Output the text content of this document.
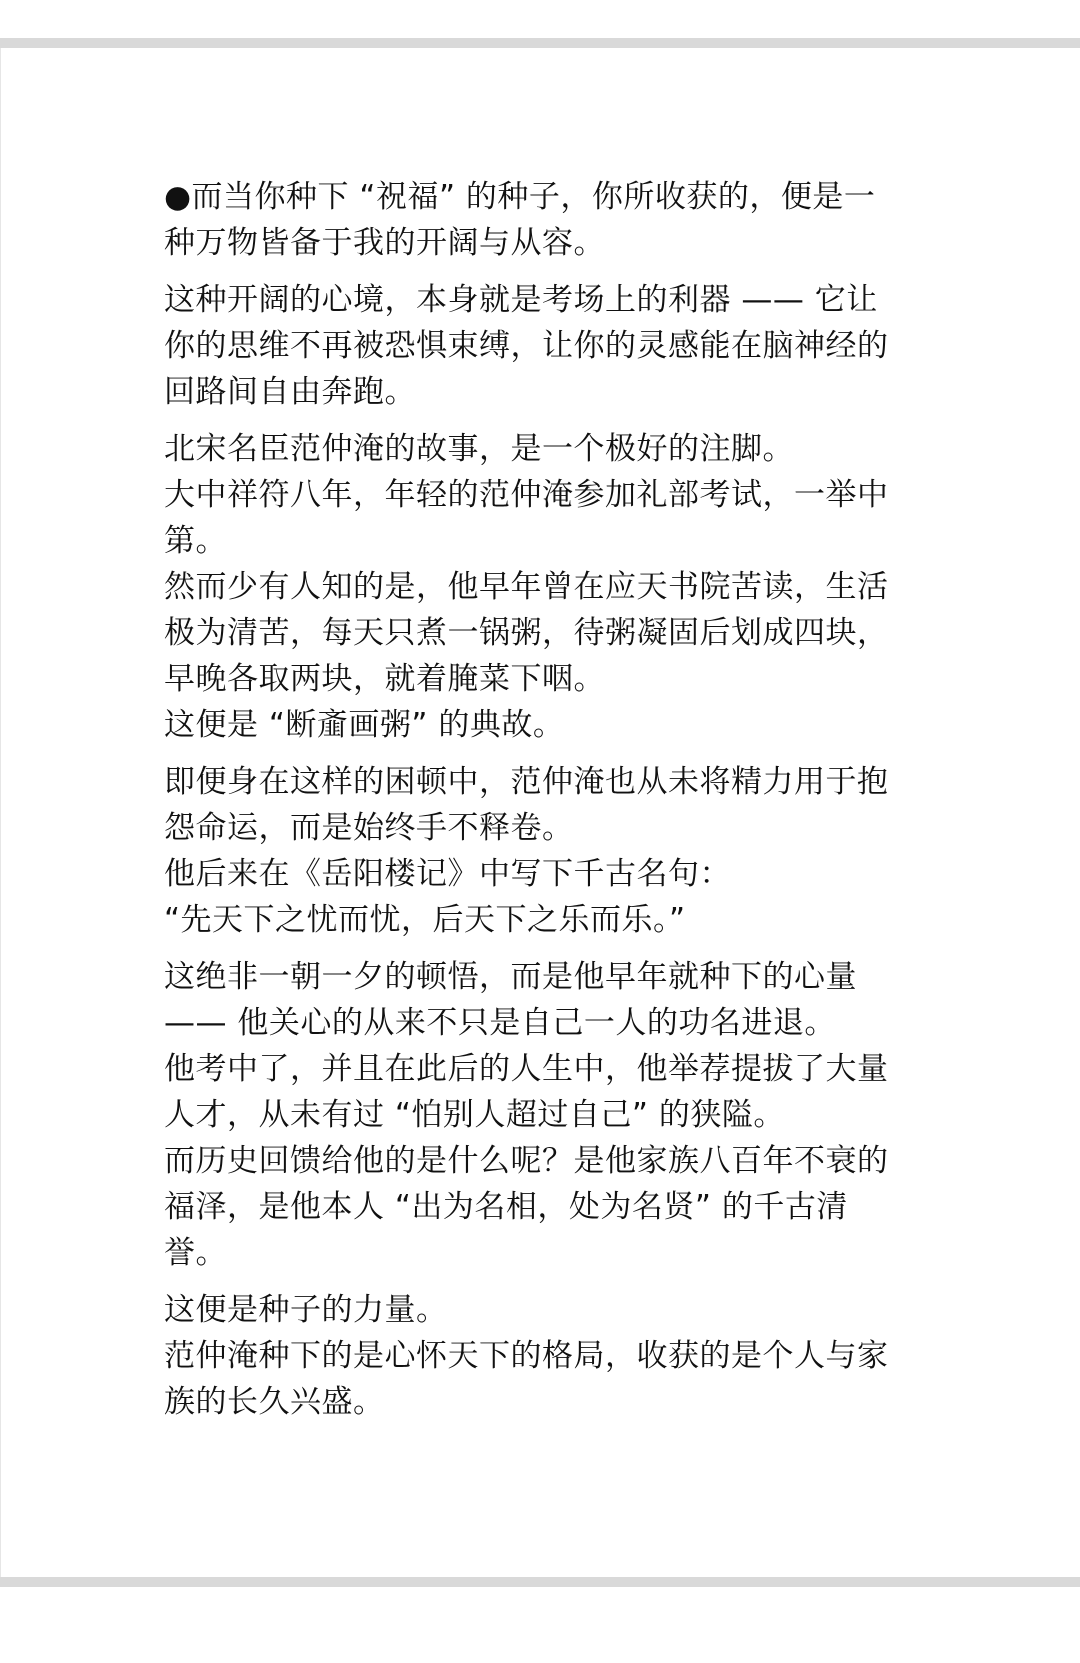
●而当你种下 “祝福” 的种子，你所收获的，便是一
种万物皆备于我的开阔与从容。
这种开阔的心境，本身就是考场上的利器 —— 它让
你的思维不再被恐惧束缚，让你的灵感能在脑神经的
回路间自由奔跑。
北宋名臣范仲淹的故事，是一个极好的注脚。
大中祥符八年，年轻的范仲淹参加礼部考试，一举中
第。
然而少有人知的是，他早年曾在应天书院苦读，生活
极为清苦，每天只煮一锅粥，待粥凝固后划成四块，
早晚各取两块，就着腌菜下咽。
这便是 “断齑画粥” 的典故。
即便身在这样的困顿中，范仲淹也从未将精力用于抱
怨命运，而是始终手不释卷。
他后来在《岳阳楼记》中写下千古名句：
“先天下之忧而忧，后天下之乐而乐。”
这绝非一朝一夕的顿悟，而是他早年就种下的心量
—— 他关心的从来不只是自己一人的功名进退。
他考中了，并且在此后的人生中，他举荐提拔了大量
人才，从未有过 “怕别人超过自己” 的狭隘。
而历史回馈给他的是什么呢？是他家族八百年不衰的
福泽，是他本人 “出为名相，处为名贤” 的千古清
誉。
这便是种子的力量。
范仲淹种下的是心怀天下的格局，收获的是个人与家
族的长久兴盛。
